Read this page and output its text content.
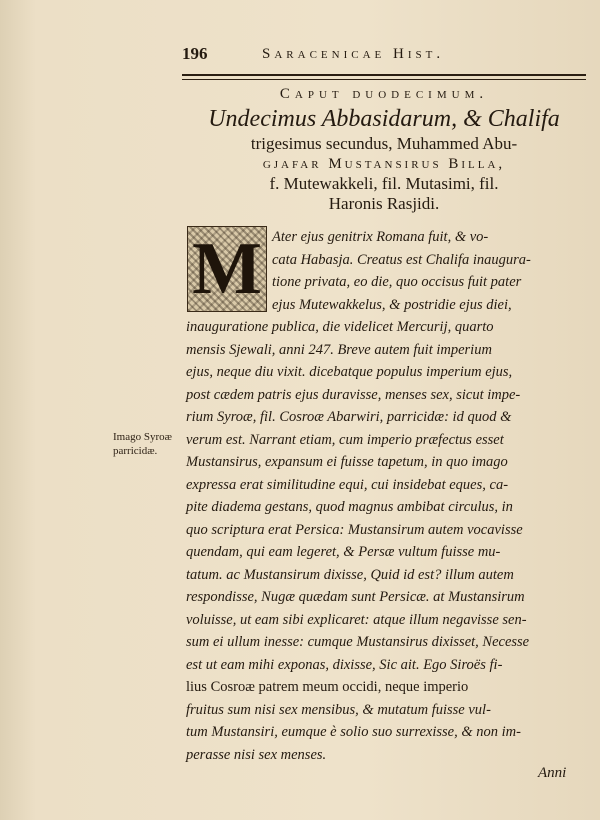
196	Saracenicae Hist.
Caput duodecimum.
Undecimus Abbasidarum, & Chalifa
trigesimus secundus, Muhammed Abu-
gjafar Mustansirus Billa,
f. Mutewakkeli, fil. Mutasimi, fil.
Haronis Rasjidi.
M Ater ejus genitrix Romana fuit, & vo-
cata Habasja. Creatus est Chalifa inaugura-
tione privata, eo die, quo occisus fuit pater
ejus Mutewakkelus, & postridie ejus diei,
inauguratione publica, die videlicet Mercurij, quarto
mensis Sjewali, anni 247. Breve autem fuit imperium
ejus, neque diu vixit. dicebatque populus imperium ejus,
post cædem patris ejus duravisse, menses sex, sicut impe-
rium Syroæ, fil. Cosroæ Abarwiri, parricidæ: id quod &
verum est. Narrant etiam, cum imperio præfectus esset
Mustansirus, expansum ei fuisse tapetum, in quo imago
expressa erat similitudine equi, cui insidebat eques, ca-
pite diadema gestans, quod magnus ambibat circulus, in
quo scriptura erat Persica: Mustansirum autem vocavisse
quendam, qui eam legeret, & Persæ vultum fuisse mu-
tatum. ac Mustansirum dixisse, Quid id est? illum autem
respondisse, Nugæ quædam sunt Persicæ. at Mustansirum
voluisse, ut eam sibi explicaret: atque illum negavisse sen-
sum ei ullum inesse: cumque Mustansirus dixisset, Necesse
est ut eam mihi exponas, dixisse, Sic ait. Ego Siroës fi-
lius Cosroæ patrem meum occidi, neque imperio
fruitus sum nisi sex mensibus, & mutatum fuisse vul-
tum Mustansiri, eumque è solio suo surrexisse, & non im-
perasse nisi sex menses.
Imago Syroæ parricidæ.
Anni
